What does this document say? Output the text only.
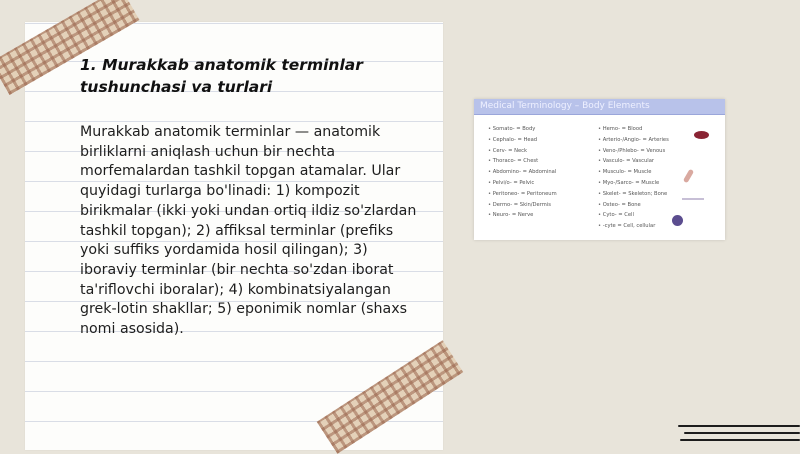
1. Murakkab anatomik terminlar tushunchasi va turlari

Murakkab anatomik terminlar — anatomik birliklarni aniqlash uchun bir nechta morfemalardan tashkil topgan atamalar. Ular quyidagi turlarga bo'linadi: 1) kompozit birikmalar (ikki yoki undan ortiq ildiz so'zlardan tashkil topgan); 2) affiksal terminlar (prefiks yoki suffiks yordamida hosil qilingan); 3) iboraviy terminlar (bir nechta so'zdan iborat ta'riflovchi iboralar); 4) kombinatsiyalangan grek-lotin shakllar; 5) eponimik nomlar (shaxs nomi asosida).

Medical Terminology – Body Elements
• Somato- = Body
• Cephalo- = Head
• Cerv- = Neck
• Thoraco- = Chest
• Abdomino- = Abdominal
• Pelvi/o- = Pelvic
• Peritoneo- = Peritoneum
• Dermo- = Skin/Dermis
• Neuro- = Nerve
• Hemo- = Blood
• Arterio-/Angio- = Arteries
• Veno-/Phlebo- = Venous
• Vasculo- = Vascular
• Musculo- = Muscle
• Myo-/Sarco- = Muscle
• Skelet- = Skeleton; Bone
• Osteo- = Bone
• Cyto- = Cell
• -cyte = Cell, cellular
